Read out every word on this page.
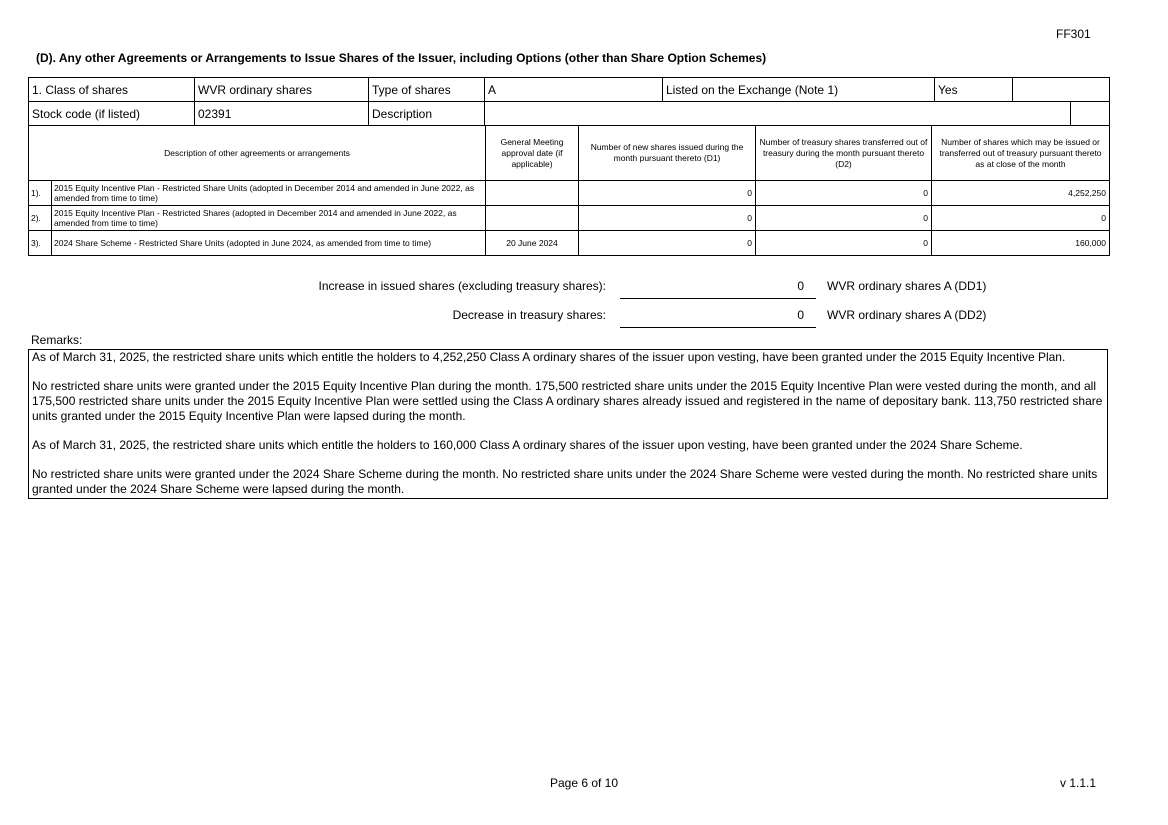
FF301
(D). Any other Agreements or Arrangements to Issue Shares of the Issuer, including Options (other than Share Option Schemes)
1. Class of shares	WVR ordinary shares	Type of shares	A	Listed on the Exchange (Note 1)	Yes		
Stock code (if listed)	02391	Description					
Description of other agreements or arrangements		General Meeting approval date (if applicable)	Number of new shares issued during the month pursuant thereto (D1)	Number of treasury shares transferred out of treasury during the month pursuant thereto (D2)	Number of shares which may be issued or transferred out of treasury pursuant thereto as at close of the month
1).	2015 Equity Incentive Plan - Restricted Share Units (adopted in December 2014 and amended in June 2022, as amended from time to time)		0	0	4,252,250
2).	2015 Equity Incentive Plan - Restricted Shares (adopted in December 2014 and amended in June 2022, as amended from time to time)		0	0	0
3).	2024 Share Scheme - Restricted Share Units (adopted in June 2024, as amended from time to time)	20 June 2024	0	0	160,000
Increase in issued shares (excluding treasury shares):	0 WVR ordinary shares A (DD1)
Decrease in treasury shares:	0 WVR ordinary shares A (DD2)
Remarks:

As of March 31, 2025, the restricted share units which entitle the holders to 4,252,250 Class A ordinary shares of the issuer upon vesting, have been granted under the 2015 Equity Incentive Plan.

No restricted share units were granted under the 2015 Equity Incentive Plan during the month. 175,500 restricted share units under the 2015 Equity Incentive Plan were vested during the month, and all 175,500 restricted share units under the 2015 Equity Incentive Plan were settled using the Class A ordinary shares already issued and registered in the name of depositary bank. 113,750 restricted share units granted under the 2015 Equity Incentive Plan were lapsed during the month.

As of March 31, 2025, the restricted share units which entitle the holders to 160,000 Class A ordinary shares of the issuer upon vesting, have been granted under the 2024 Share Scheme.

No restricted share units were granted under the 2024 Share Scheme during the month. No restricted share units under the 2024 Share Scheme were vested during the month. No restricted share units granted under the 2024 Share Scheme were lapsed during the month.

Page 6 of 10	v 1.1.1
